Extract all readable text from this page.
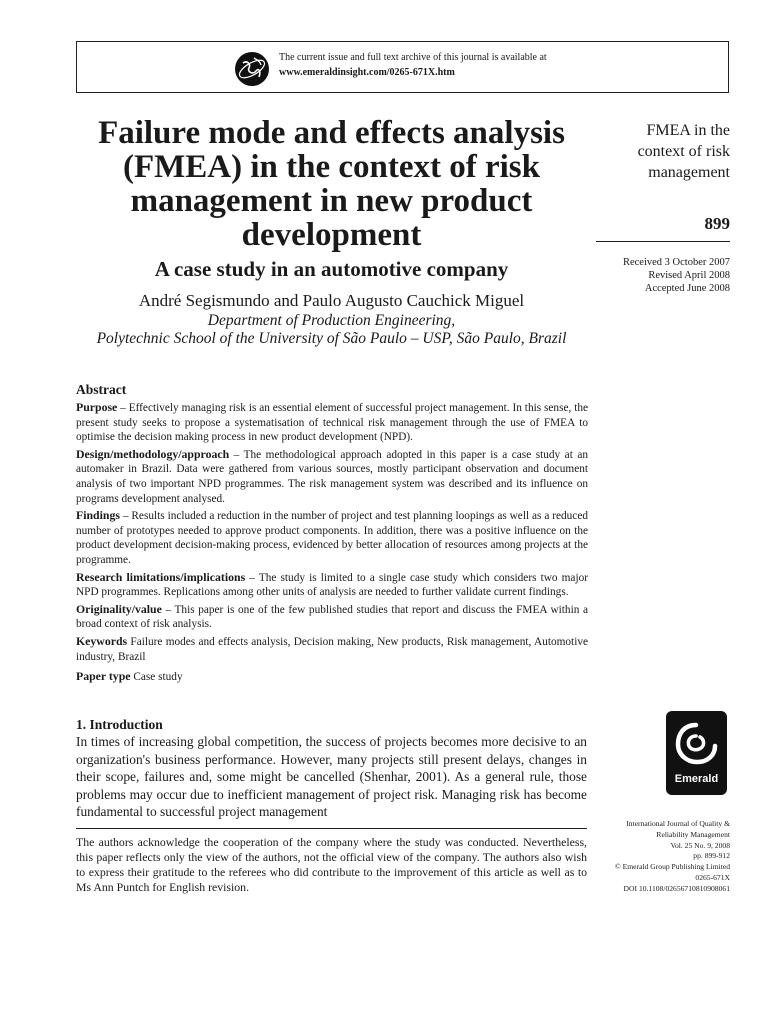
The current issue and full text archive of this journal is available at
www.emeraldinsight.com/0265-671X.htm
Failure mode and effects analysis (FMEA) in the context of risk management in new product development
A case study in an automotive company
André Segismundo and Paulo Augusto Cauchick Miguel
Department of Production Engineering,
Polytechnic School of the University of São Paulo – USP, São Paulo, Brazil
FMEA in the context of risk management
899
Received 3 October 2007
Revised April 2008
Accepted June 2008
Abstract

Purpose – Effectively managing risk is an essential element of successful project management. In this sense, the present study seeks to propose a systematisation of technical risk management through the use of FMEA to optimise the decision making process in new product development (NPD).

Design/methodology/approach – The methodological approach adopted in this paper is a case study at an automaker in Brazil. Data were gathered from various sources, mostly participant observation and document analysis of two important NPD programmes. The risk management system was described and its influence on programs development analysed.

Findings – Results included a reduction in the number of project and test planning loopings as well as a reduced number of prototypes needed to approve product components. In addition, there was a positive influence on the product development decision-making process, evidenced by better allocation of resources among projects at the programme.

Research limitations/implications – The study is limited to a single case study which considers two major NPD programmes. Replications among other units of analysis are needed to further validate current findings.

Originality/value – This paper is one of the few published studies that report and discuss the FMEA within a broad context of risk analysis.

Keywords Failure modes and effects analysis, Decision making, New products, Risk management, Automotive industry, Brazil

Paper type Case study

1. Introduction
In times of increasing global competition, the success of projects becomes more decisive to an organization's business performance. However, many projects still present delays, changes in their scope, failures and, some might be cancelled (Shenhar, 2001). As a general rule, those problems may occur due to inefficient management of project risk. Managing risk has become fundamental to successful project management
Emerald
The authors acknowledge the cooperation of the company where the study was conducted. Nevertheless, this paper reflects only the view of the authors, not the official view of the company. The authors also wish to express their gratitude to the referees who did contribute to the improvement of this article as well as to Ms Ann Puntch for English revision.
International Journal of Quality &
Reliability Management
Vol. 25 No. 9, 2008
pp. 899-912
© Emerald Group Publishing Limited
0265-671X
DOI 10.1108/02656710810908061
